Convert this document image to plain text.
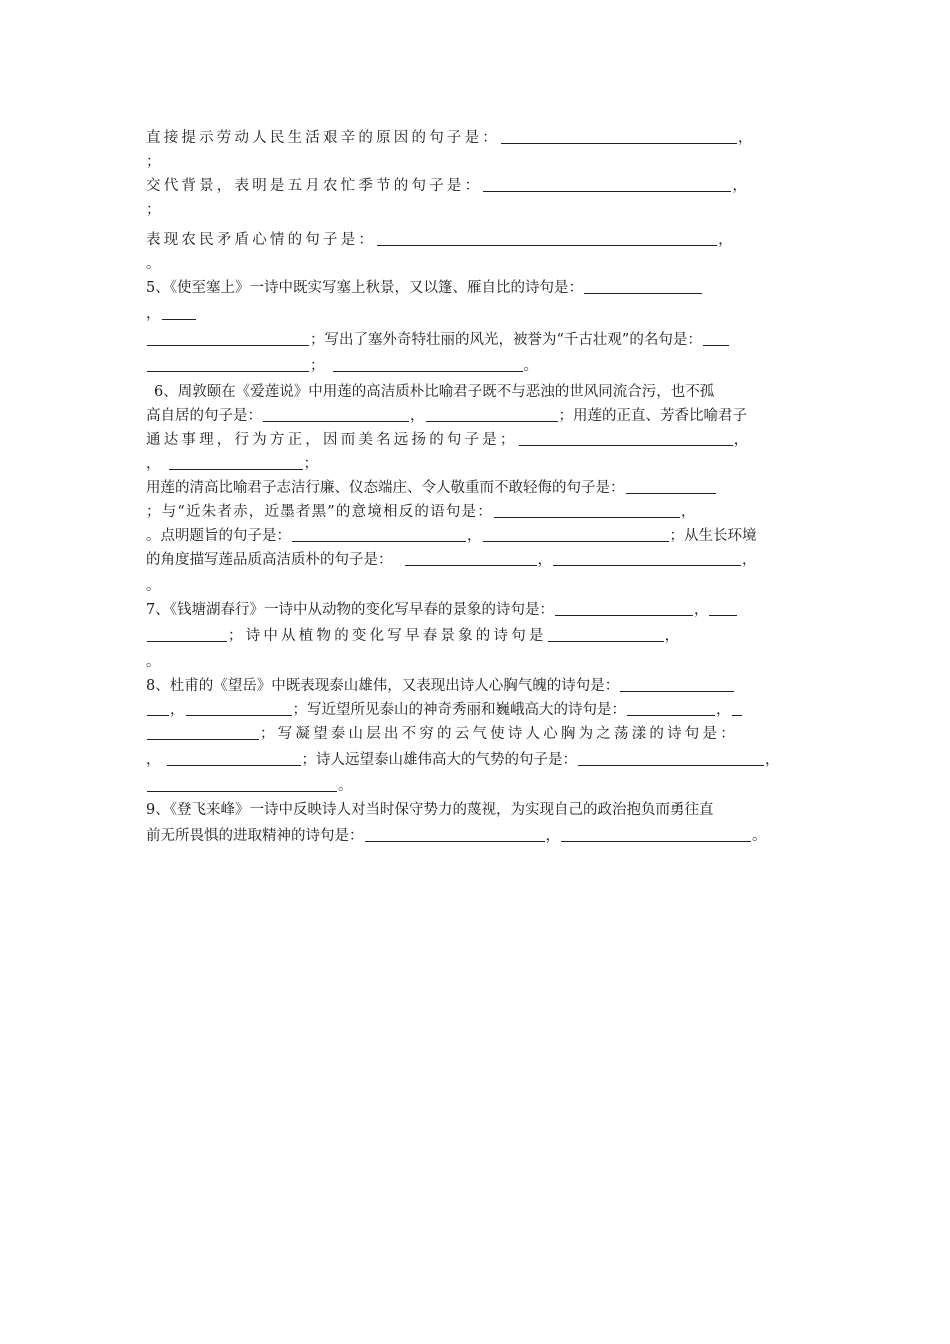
直接提示劳动人民生活艰辛的原因的句子是：	，
；
交代背景，表明是五月农忙季节的句子是：	，
；
表现农民矛盾心情的句子是：	，
。
5、《使至塞上》一诗中既实写塞上秋景，又以篷、雁自比的诗句是：
，
；写出了塞外奇特壮丽的风光，被誉为“千古壮观”的名句是：
；	。
6、周敦颐在《爱莲说》中用莲的高洁质朴比喻君子既不与恶浊的世风同流合污，也不孤
高自居的句子是：	，	；用莲的正直、芳香比喻君子
通达事理，行为方正，因而美名远扬的句子是；	，
，	；
用莲的清高比喻君子志洁行廉、仪态端庄、令人敬重而不敢轻侮的句子是：
；与“近朱者赤，近墨者黑”的意境相反的语句是：	，
。点明题旨的句子是：	，	；从生长环境
的角度描写莲品质高洁质朴的句子是：	，	，
。
7、《钱塘湖春行》一诗中从动物的变化写早春的景象的诗句是：	，
；诗中从植物的变化写早春景象的诗句是	，
。
8、杜甫的《望岳》中既表现泰山雄伟，又表现出诗人心胸气魄的诗句是：
，	；写近望所见泰山的神奇秀丽和巍峨高大的诗句是：	，
；写凝望泰山层出不穷的云气使诗人心胸为之荡漾的诗句是：
，	；诗人远望泰山雄伟高大的气势的句子是：	，
。
9、《登飞来峰》一诗中反映诗人对当时保守势力的蔑视，为实现自己的政治抱负而勇往直
前无所畏惧的进取精神的诗句是：	，	。
